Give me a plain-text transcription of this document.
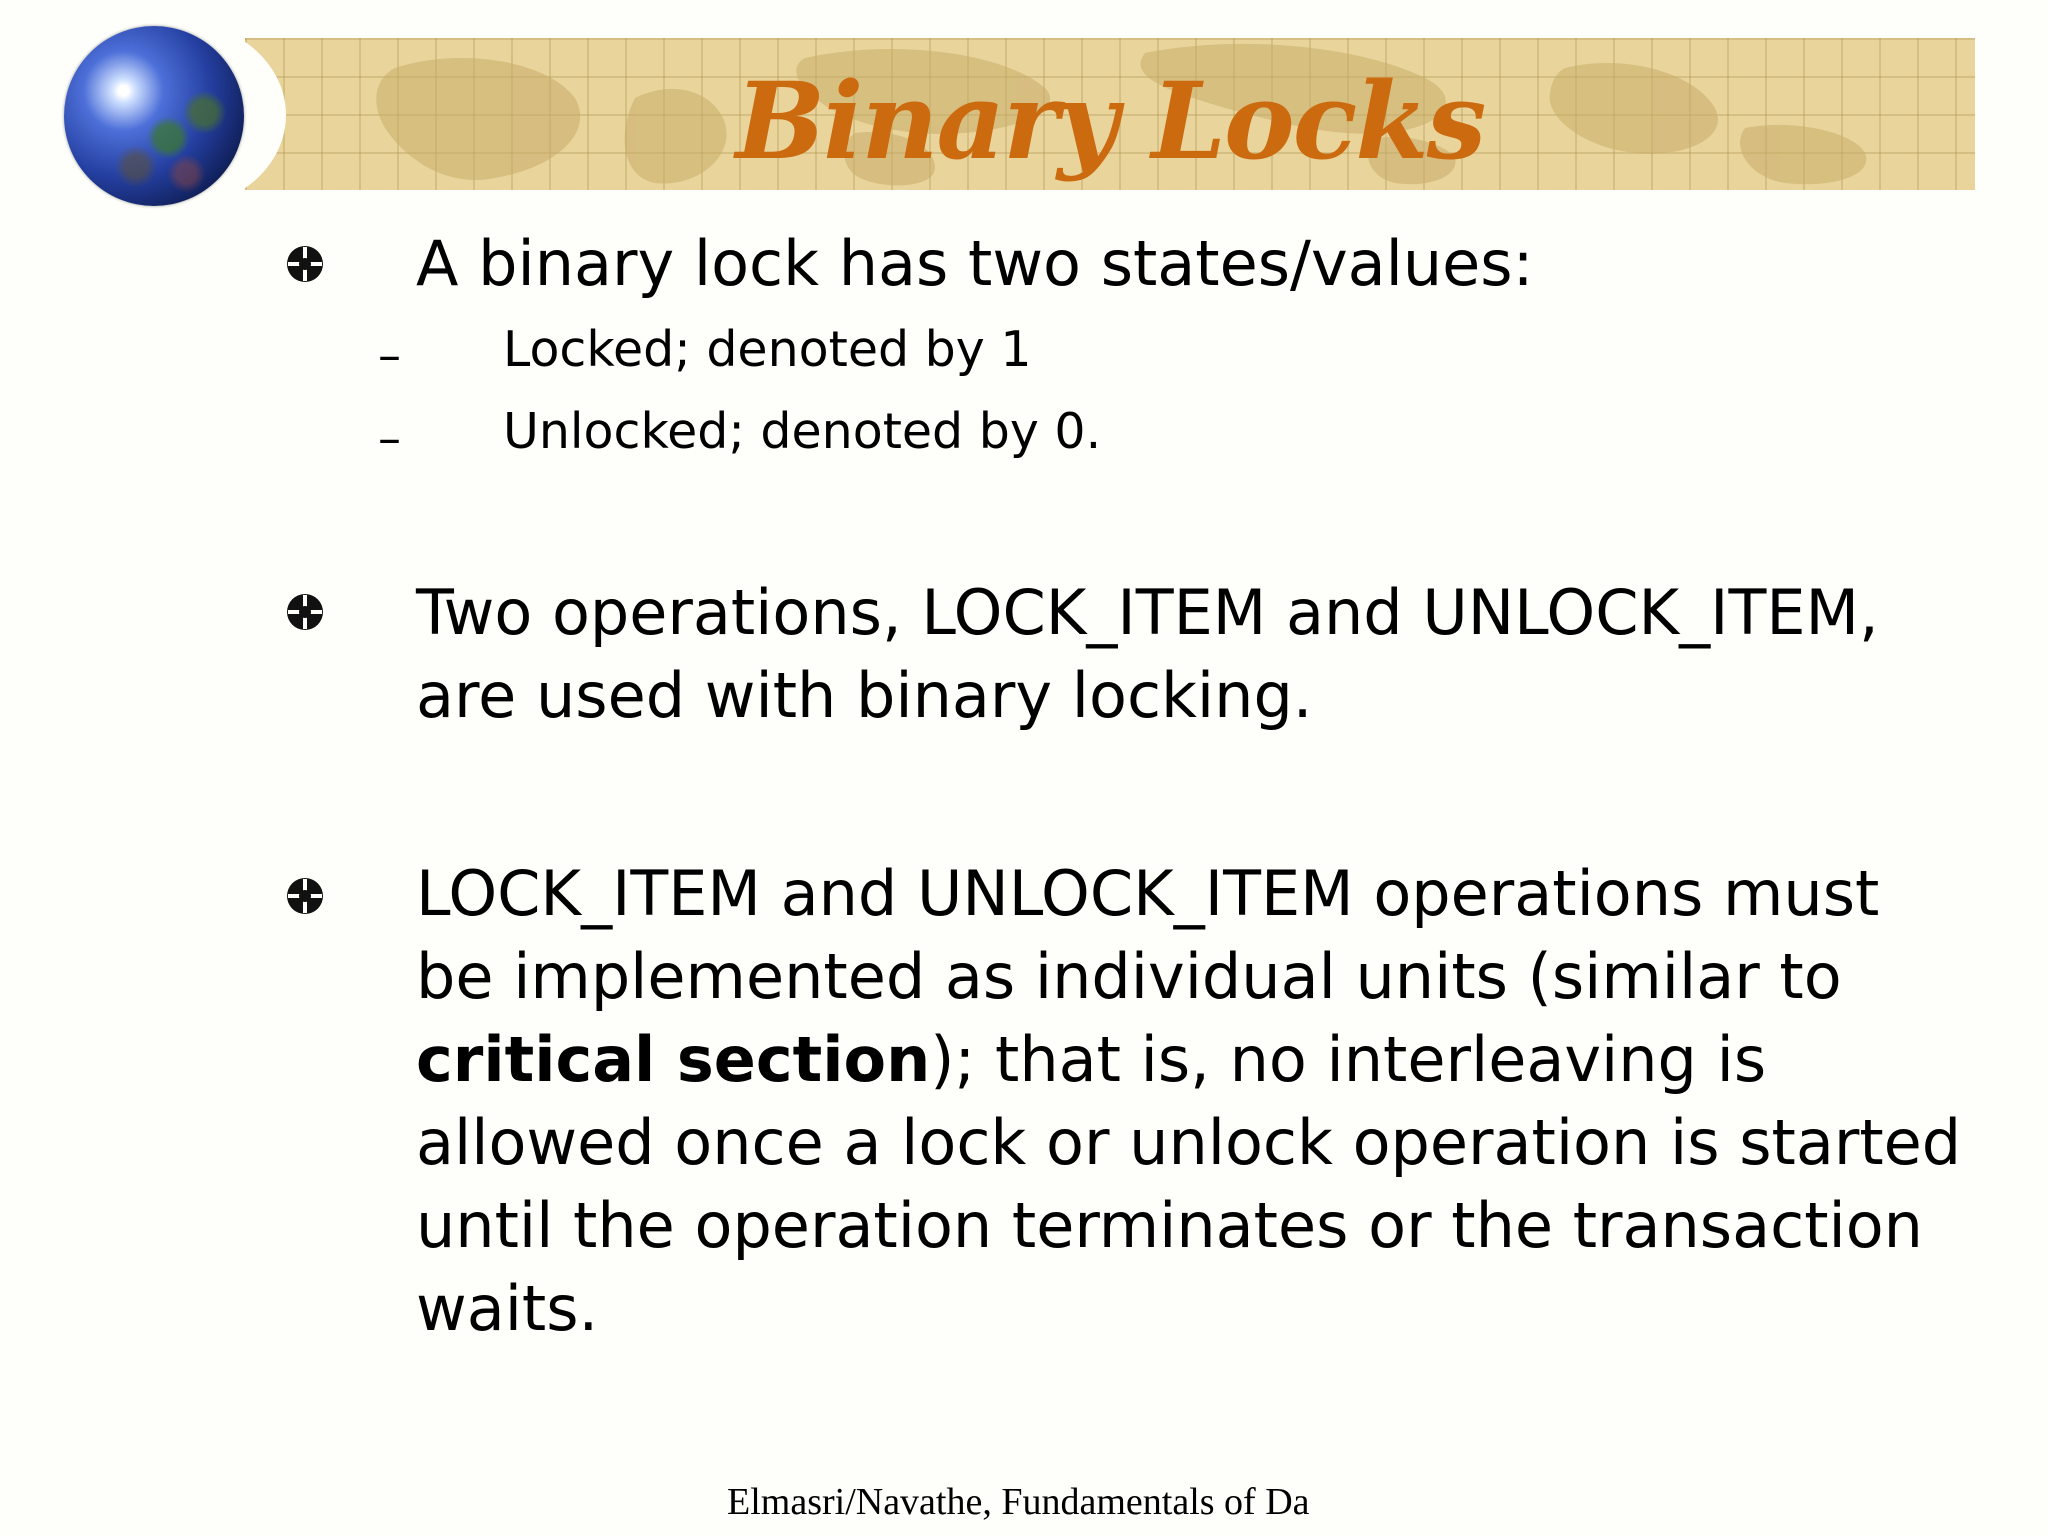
Binary Locks

A binary lock has two states/values:

– Locked; denoted by 1

– Unlocked; denoted by 0.

Two operations, LOCK_ITEM and UNLOCK_ITEM,
are used with binary locking.

LOCK_ITEM and UNLOCK_ITEM operations must
be implemented as individual units (similar to
critical section); that is, no interleaving is
allowed once a lock or unlock operation is started
until the operation terminates or the transaction
waits.

Elmasri/Navathe, Fundamentals of Da
